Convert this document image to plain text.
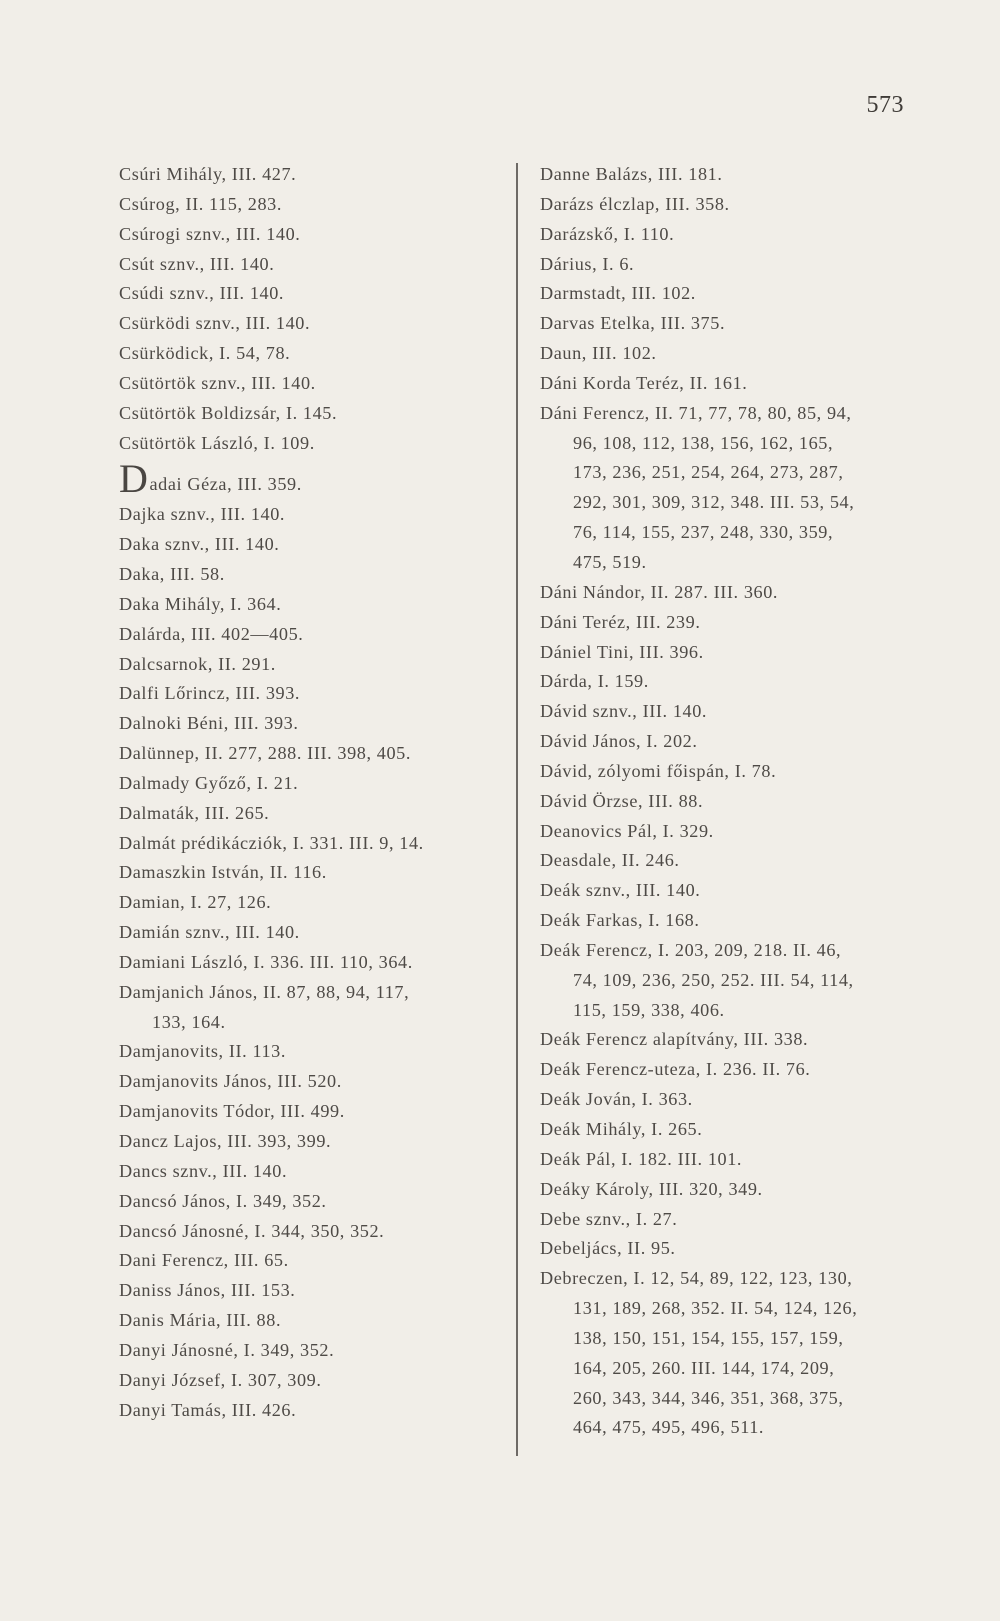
573
Csúri Mihály, III. 427.
Csúrog, II. 115, 283.
Csúrogi sznv., III. 140.
Csút sznv., III. 140.
Csúdi sznv., III. 140.
Csürködi sznv., III. 140.
Csürködick, I. 54, 78.
Csütörtök sznv., III. 140.
Csütörtök Boldizsár, I. 145.
Csütörtök László, I. 109.
Dadai Géza, III. 359.
Dajka sznv., III. 140.
Daka sznv., III. 140.
Daka, III. 58.
Daka Mihály, I. 364.
Dalárda, III. 402—405.
Dalcsarnok, II. 291.
Dalfi Lőrincz, III. 393.
Dalnoki Béni, III. 393.
Dalünnep, II. 277, 288. III. 398, 405.
Dalmady Győző, I. 21.
Dalmaták, III. 265.
Dalmát prédikácziók, I. 331. III. 9, 14.
Damaszkin István, II. 116.
Damian, I. 27, 126.
Damián sznv., III. 140.
Damiani László, I. 336. III. 110, 364.
Damjanich János, II. 87, 88, 94, 117,
133, 164.
Damjanovits, II. 113.
Damjanovits János, III. 520.
Damjanovits Tódor, III. 499.
Dancz Lajos, III. 393, 399.
Dancs sznv., III. 140.
Dancsó János, I. 349, 352.
Dancsó Jánosné, I. 344, 350, 352.
Dani Ferencz, III. 65.
Daniss János, III. 153.
Danis Mária, III. 88.
Danyi Jánosné, I. 349, 352.
Danyi József, I. 307, 309.
Danyi Tamás, III. 426.
Danne Balázs, III. 181.
Darázs élczlap, III. 358.
Darázskő, I. 110.
Dárius, I. 6.
Darmstadt, III. 102.
Darvas Etelka, III. 375.
Daun, III. 102.
Dáni Korda Teréz, II. 161.
Dáni Ferencz, II. 71, 77, 78, 80, 85, 94,
96, 108, 112, 138, 156, 162, 165,
173, 236, 251, 254, 264, 273, 287,
292, 301, 309, 312, 348. III. 53, 54,
76, 114, 155, 237, 248, 330, 359,
475, 519.
Dáni Nándor, II. 287. III. 360.
Dáni Teréz, III. 239.
Dániel Tini, III. 396.
Dárda, I. 159.
Dávid sznv., III. 140.
Dávid János, I. 202.
Dávid, zólyomi főispán, I. 78.
Dávid Örzse, III. 88.
Deanovics Pál, I. 329.
Deasdale, II. 246.
Deák sznv., III. 140.
Deák Farkas, I. 168.
Deák Ferencz, I. 203, 209, 218. II. 46,
74, 109, 236, 250, 252. III. 54, 114,
115, 159, 338, 406.
Deák Ferencz alapítvány, III. 338.
Deák Ferencz-uteza, I. 236. II. 76.
Deák Jován, I. 363.
Deák Mihály, I. 265.
Deák Pál, I. 182. III. 101.
Deáky Károly, III. 320, 349.
Debe sznv., I. 27.
Debeljács, II. 95.
Debreczen, I. 12, 54, 89, 122, 123, 130,
131, 189, 268, 352. II. 54, 124, 126,
138, 150, 151, 154, 155, 157, 159,
164, 205, 260. III. 144, 174, 209,
260, 343, 344, 346, 351, 368, 375,
464, 475, 495, 496, 511.
